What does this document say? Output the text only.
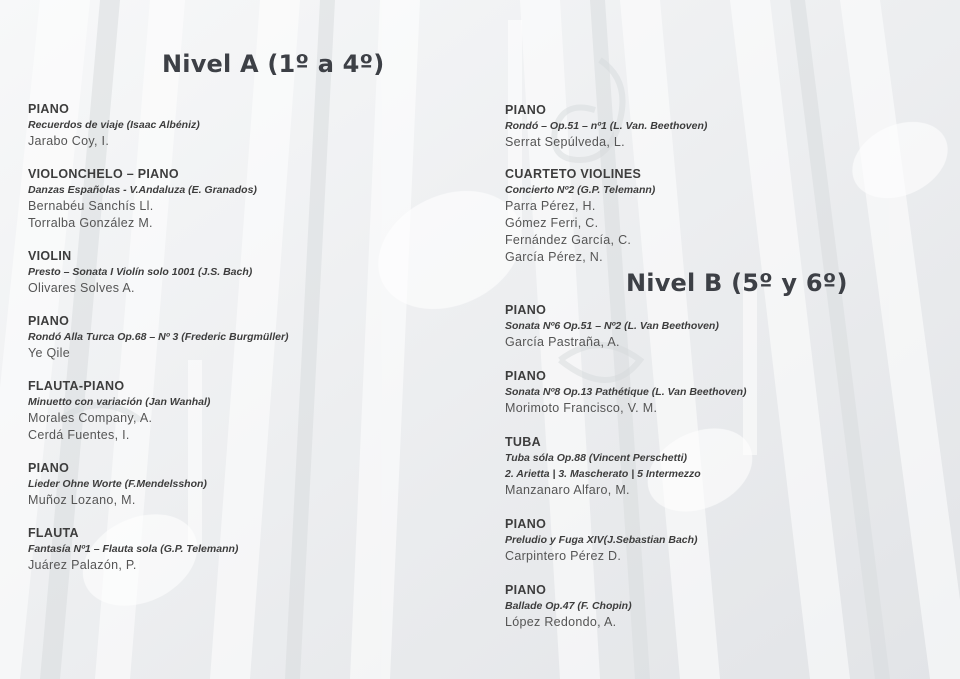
Nivel A (1º a 4º)
Nivel B (5º y 6º)
PIANO
Recuerdos de viaje (Isaac Albéniz)
Jarabo Coy, I.
VIOLONCHELO – PIANO
Danzas Españolas - V.Andaluza (E. Granados)
Bernabéu Sanchís Ll.
Torralba González M.
VIOLIN
Presto – Sonata I Violín solo 1001 (J.S. Bach)
Olivares Solves A.
PIANO
Rondó Alla Turca Op.68 – Nº 3 (Frederic Burgmüller)
Ye Qile
FLAUTA-PIANO
Minuetto con variación (Jan Wanhal)
Morales Company, A.
Cerdá Fuentes, I.
PIANO
Lieder Ohne Worte (F.Mendelsshon)
Muñoz Lozano, M.
FLAUTA
Fantasía Nº1 – Flauta sola (G.P. Telemann)
Juárez Palazón, P.
PIANO
Rondó – Op.51 – nº1 (L. Van. Beethoven)
Serrat Sepúlveda, L.
CUARTETO VIOLINES
Concierto Nº2 (G.P. Telemann)
Parra Pérez, H.
Gómez Ferri, C.
Fernández García, C.
García Pérez, N.
PIANO
Sonata Nº6 Op.51 – Nº2 (L. Van Beethoven)
García Pastraña, A.
PIANO
Sonata Nº8 Op.13 Pathétique (L. Van Beethoven)
Morimoto Francisco, V. M.
TUBA
Tuba sóla Op.88 (Vincent Perschetti)
2. Arietta | 3. Mascherato | 5 Intermezzo
Manzanaro Alfaro, M.
PIANO
Preludio y Fuga XIV(J.Sebastian Bach)
Carpintero Pérez D.
PIANO
Ballade Op.47 (F. Chopin)
López Redondo, A.
